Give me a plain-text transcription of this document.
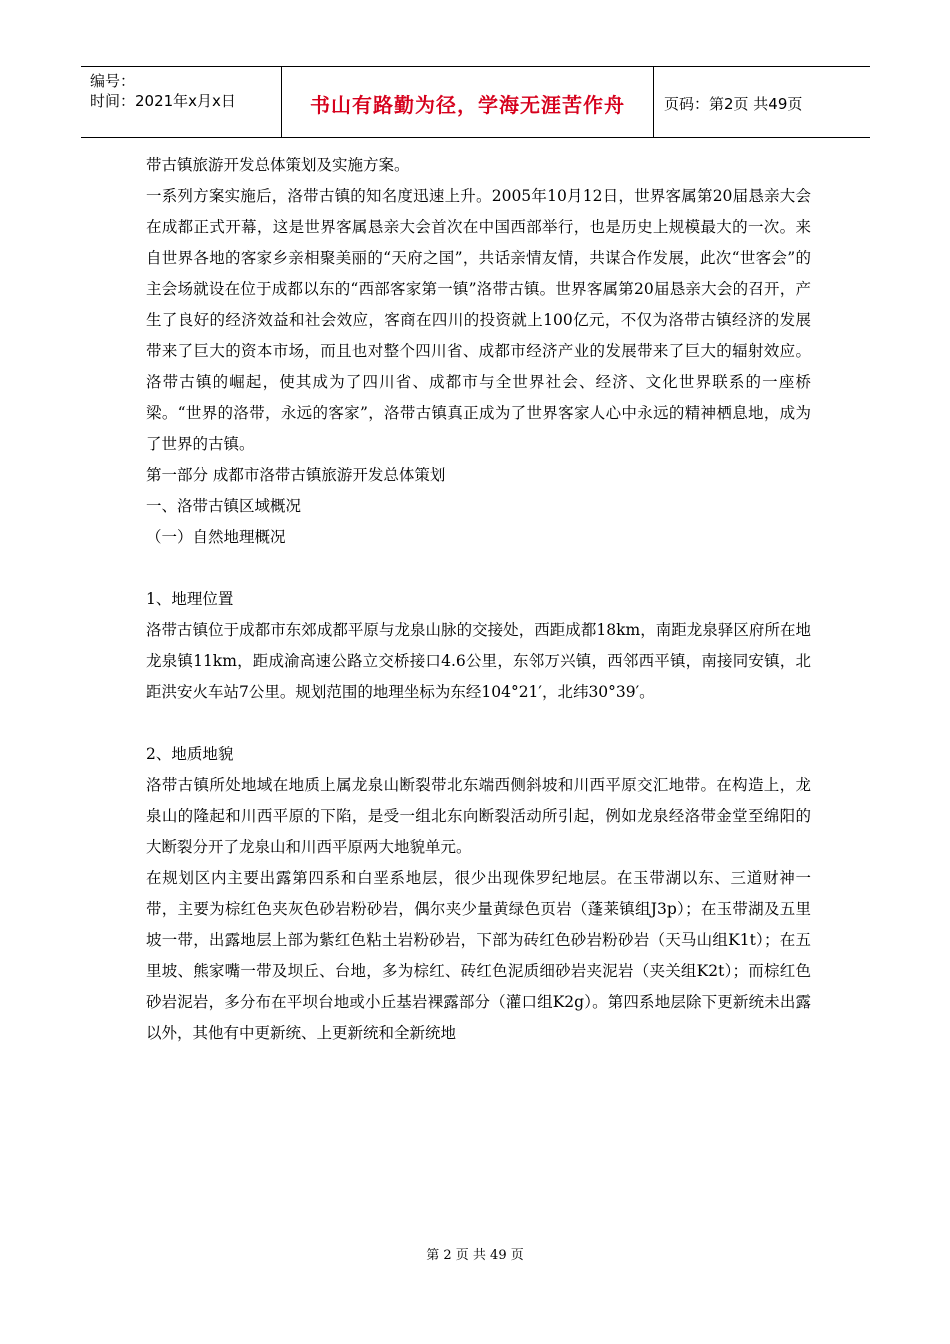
编号：
时间：2021年x月x日	书山有路勤为径，学海无涯苦作舟	页码：第2页 共49页

带古镇旅游开发总体策划及实施方案。

一系列方案实施后，洛带古镇的知名度迅速上升。2005年10月12日，世界客属第20届恳亲大会在成都正式开幕，这是世界客属恳亲大会首次在中国西部举行，也是历史上规模最大的一次。来自世界各地的客家乡亲相聚美丽的“天府之国”，共话亲情友情，共谋合作发展，此次“世客会”的主会场就设在位于成都以东的“西部客家第一镇”洛带古镇。世界客属第20届恳亲大会的召开，产生了良好的经济效益和社会效应，客商在四川的投资就上100亿元，不仅为洛带古镇经济的发展带来了巨大的资本市场，而且也对整个四川省、成都市经济产业的发展带来了巨大的辐射效应。洛带古镇的崛起，使其成为了四川省、成都市与全世界社会、经济、文化世界联系的一座桥梁。“世界的洛带，永远的客家”，洛带古镇真正成为了世界客家人心中永远的精神栖息地，成为了世界的古镇。

第一部分 成都市洛带古镇旅游开发总体策划

一、洛带古镇区域概况

（一）自然地理概况

1、地理位置

洛带古镇位于成都市东郊成都平原与龙泉山脉的交接处，西距成都18km，南距龙泉驿区府所在地龙泉镇11km，距成渝高速公路立交桥接口4.6公里，东邻万兴镇，西邻西平镇，南接同安镇，北距洪安火车站7公里。规划范围的地理坐标为东经104°21′，北纬30°39′。

2、地质地貌

洛带古镇所处地域在地质上属龙泉山断裂带北东端西侧斜坡和川西平原交汇地带。在构造上，龙泉山的隆起和川西平原的下陷，是受一组北东向断裂活动所引起，例如龙泉经洛带金堂至绵阳的大断裂分开了龙泉山和川西平原两大地貌单元。

在规划区内主要出露第四系和白垩系地层，很少出现侏罗纪地层。在玉带湖以东、三道财神一带，主要为棕红色夹灰色砂岩粉砂岩，偶尔夹少量黄绿色页岩（蓬莱镇组J3p）；在玉带湖及五里坡一带，出露地层上部为紫红色粘土岩粉砂岩，下部为砖红色砂岩粉砂岩（天马山组K1t）；在五里坡、熊家嘴一带及坝丘、台地，多为棕红、砖红色泥质细砂岩夹泥岩（夹关组K2t）；而棕红色砂岩泥岩，多分布在平坝台地或小丘基岩裸露部分（灌口组K2g）。第四系地层除下更新统未出露以外，其他有中更新统、上更新统和全新统地

第 2 页 共 49 页
